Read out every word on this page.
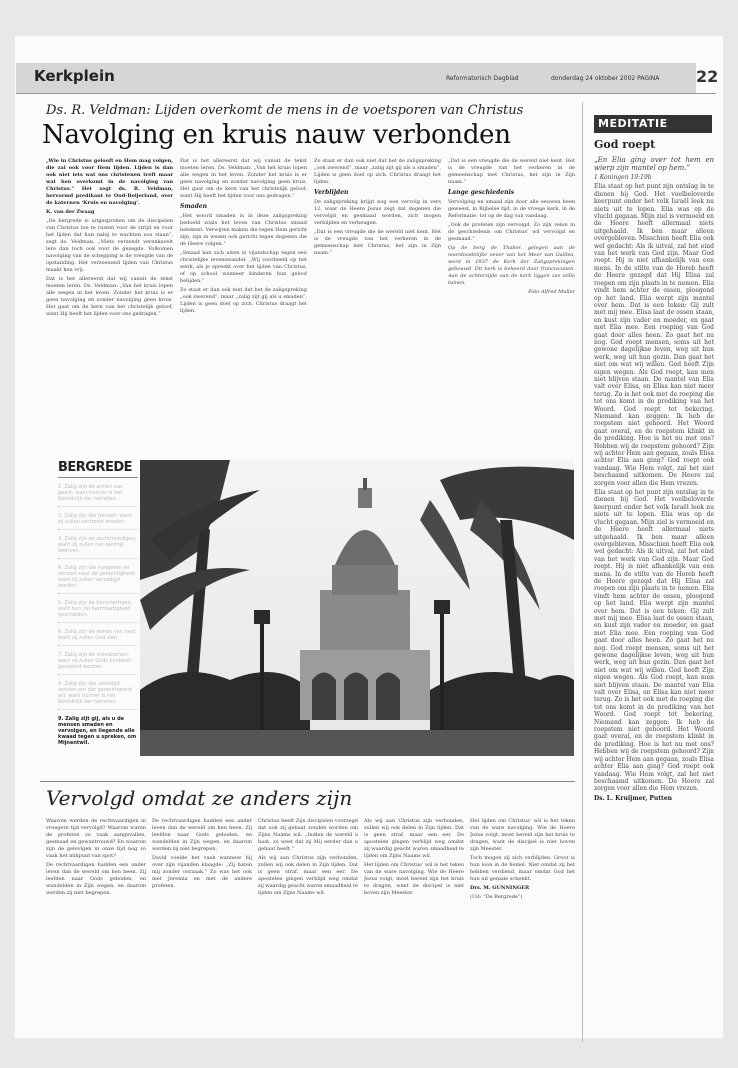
Kerkplein	Reformatorisch Dagblad	donderdag 24 oktober 2002 PAGINA 22
Ds. R. Veldman: Lijden overkomt de mens in de voetsporen van Christus
Navolging en kruis nauw verbonden

„Wie in Christus gelooft en Hem mag volgen, die zal ook voor Hem lijden. Lijden is dan ook niet iets wat ons christenen treft maar wat hen overkomt in de navolging van Christus.” Het zegt ds. R. Veldman, hervormd predikant te Oud-Beijerland, over de katernen ‘Kruis en navolging’.

K. van der Zwaag

„De bergrede is uitgesproken om de discipelen van Christus toe te rusten voor de strijd en voor het lijden dat hun nabij te wachten zou staan”, zegt ds. Veldman. „Niets verzendt verenkavelt lere dan toch ook voor de gezegde. Volkomen navolging van de schepping is de vreugde van de opstanding. Het verzoenend lijden van Christus maakt hen vrij.

Dat is het allereerst dat wij vanuit de tekst moeten leren. Ds. Veldman: „Van het kruis lopen alle wegen in het leven. Zonder het kruis is er geen navolging en zonder navolging geen kruis. Het gaat om de kern van het christelijk geloof, want Hij heeft het lijden voor ons gedragen.”

Dat is het allereerst dat wij vanuit de tekst moeten leren. Ds. Veldman: „Van het kruis lopen alle wegen in het leven. Zonder het kruis is er geen navolging en zonder navolging geen kruis. Het gaat om de kern van het christelijk geloof, want Hij heeft het lijden voor ons gedragen.”

Smaden

„Het woord smaden is in deze zaligspreking bedoeld zoals het leven van Christus smaad betekent. Verwijten maken die tegen Hem gericht zijn, zijn in wezen ook gericht tegen degenen die de Heere volgen.”

„Smaad kan zich uiten in vijandschap tegen een christelijke levenswandel. „Wij voorbeeld op het werk, als je spreekt over het lijden van Christus, of op school wanneer kinderen hun geloof belijden.”

Zo staat er dan ook niet dat het de zaligspreking „ook zwerend”, maar „zalig zijt gij als u smaden”. Lijden is geen doel op zich. Christus draagt het lijden.

Zo staat er dan ook niet dat het de zaligspreking „ook zwerend”, maar „zalig zijt gij als u smaden”. Lijden is geen doel op zich. Christus draagt het lijden.

Verblijden

De zaligspreking krijgt nog een vervolg in vers 12, waar de Heere Jezus zegt dat degenen die vervolgd en gesmaad worden, zich mogen verblijden en verheugen.

„Dat is een vreugde die de wereld niet kent. Het is de vreugde van het verkeren in de gemeenschap met Christus, het zijn in Zijn naam.”

„Dat is een vreugde die de wereld niet kent. Het is de vreugde van het verkeren in de gemeenschap met Christus, het zijn in Zijn naam.”

Lange geschiedenis

Vervolging en smaad zijn door alle eeuwen heen geweest, in Bijbelse tijd, in de vroege kerk, in de Reformatie, tot op de dag van vandaag.

„Ook de profeten zijn vervolgd. Zo zijn velen in de geschiedenis om Christus’ wil vervolgd en gesmaad.”

Op de berg de Thabor, gelegen aan de noordoostelijke oever van het Meer van Galilea, werd in 1937 de Kerk der Zaligsprekingen gebouwd. Dit kerk is beheerd door franciscanen. Aan de achterzijde van de kerk liggen zes stille tuinen.

Foto Alfred Muller

BERGREDE
1. Zalig zijn de armen van geest; want hunner is het Koninkrijk der hemelen.
2. Zalig zijn die treuren; want zij zullen vertroost worden.
3. Zalig zijn de zachtmoedigen; want zij zullen het aardrijk beërven.
4. Zalig zijn die hongeren en dorsten naar de gerechtigheid; want zij zullen verzadigd worden.
5. Zalig zijn de barmhartigen; want hun zal barmhartigheid geschieden.
6. Zalig zijn de reinen van hart; want zij zullen God zien.
7. Zalig zijn de vreedzamen; want zij zullen Gods kinderen genaamd worden.
8. Zalig zijn die vervolgd worden om der gerechtigheid wil; want hunner is het Koninkrijk der hemelen.
9. Zalig zijt gij, als u de mensen smaden en vervolgen, en liegende alle kwaad tegen u spreken, om Mijnentwil.
Vervolgd omdat ze anders zijn

Waarom werden de rechtvaardigen in vroegere tijd vervolgd? Waarom waren de profeten zo vaak aangevallen, gesmaad en gewantrouwd? En waarom zijn de gelovigen in onze tijd nog zo vaak het mikpunt van spot?

De rechtvaardigen hadden een ander leven dan de wereld om hen heen. Zij leefden naar Gods geboden, en wandelden in Zijn wegen, en daarom werden zij niet begrepen.

De rechtvaardigen hadden een ander leven dan de wereld om hen heen. Zij leefden naar Gods geboden, en wandelden in Zijn wegen, en daarom werden zij niet begrepen.

David voelde het vaak wanneer hij over zijn vijanden klaagde: „Zij haten mij zonder oorzaak.” Zo was het ook met Jeremia en met de andere profeten.

Christus heeft Zijn discipelen voorzegd dat ook zij gehaat zouden worden om Zijns Naams wil. „Indien de wereld u haat, zo weet dat zij Mij eerder dan u gehaat heeft.”

Als wij aan Christus zijn verbonden, zullen wij ook delen in Zijn lijden. Dat is geen straf, maar een eer. De apostelen gingen verblijd weg omdat zij waardig geacht waren smaadheid te lijden om Zijns Naams wil.

Als wij aan Christus zijn verbonden, zullen wij ook delen in Zijn lijden. Dat is geen straf, maar een eer. De apostelen gingen verblijd weg omdat zij waardig geacht waren smaadheid te lijden om Zijns Naams wil.

Het lijden om Christus’ wil is het teken van de ware navolging. Wie de Heere Jezus volgt, moet bereid zijn het kruis te dragen, want de discipel is niet boven zijn Meester.

Het lijden om Christus’ wil is het teken van de ware navolging. Wie de Heere Jezus volgt, moet bereid zijn het kruis te dragen, want de discipel is niet boven zijn Meester.

Toch mogen zij zich verblijden. Groot is hun loon in de hemel. Niet omdat zij het hebben verdiend, maar omdat God het hun uit genade schenkt.

Drs. M. GUNNINGER

(Uit: “De Bergrede”)

MEDITATIE
God roept

„En Elia ging over tot hem en wierp zijn mantel op hem.”

1 Koningen 19:19b

Elia staat op het punt zijn ontslag in te dienen bij God. Het voelbeloverde keerpunt onder het volk Israël leek nu niets uit te lopen. Elia was op de vlucht gegaan. Mijn ziel is vermoeid en de Heere heeft allermaal niets uitgehaald. Ik ben maar alleen overgebleven. Misschien heeft Elia ook wel gedacht: Als ik uitval, zal het eind van het werk van God zijn. Maar God roept. Hij is niet afhankelijk van een mens. In de stilte van de Horeb heeft de Heere gezegd dat Hij Elisa zal roepen om zijn plaats in te nemen. Elia vindt hem achter de ossen, ploegend op het land. Elia werpt zijn mantel over hem. Dat is een teken: Gij zult met mij mee. Elisa laat de ossen staan, en kust zijn vader en moeder, en gaat met Elia mee. Een roeping van God gaat door alles heen. Zo gaat het nu nog. God roept mensen, soms uit het gewone dagelijkse leven, weg uit hun werk, weg uit hun gezin. Dan gaat het niet om wat wij willen. God heeft Zijn eigen wegen. Als God roept, kan men niet blijven staan. De mantel van Elia valt over Elisa, en Elisa kan niet meer terug. Zo is het ook met de roeping die tot ons komt in de prediking van het Woord. God roept tot bekering. Niemand kan zeggen: Ik heb de roepstem niet gehoord. Het Woord gaat overal, en de roepstem klinkt in de prediking. Hoe is het nu met ons? Hebben wij de roepstem gehoord? Zijn wij achter Hem aan gegaan, zoals Elisa achter Elia aan ging? God roept ook vandaag. Wie Hem volgt, zal het niet beschaamd uitkomen. De Heere zal zorgen voor allen die Hem vrezen.

Elia staat op het punt zijn ontslag in te dienen bij God. Het voelbeloverde keerpunt onder het volk Israël leek nu niets uit te lopen. Elia was op de vlucht gegaan. Mijn ziel is vermoeid en de Heere heeft allermaal niets uitgehaald. Ik ben maar alleen overgebleven. Misschien heeft Elia ook wel gedacht: Als ik uitval, zal het eind van het werk van God zijn. Maar God roept. Hij is niet afhankelijk van een mens. In de stilte van de Horeb heeft de Heere gezegd dat Hij Elisa zal roepen om zijn plaats in te nemen. Elia vindt hem achter de ossen, ploegend op het land. Elia werpt zijn mantel over hem. Dat is een teken: Gij zult met mij mee. Elisa laat de ossen staan, en kust zijn vader en moeder, en gaat met Elia mee. Een roeping van God gaat door alles heen. Zo gaat het nu nog. God roept mensen, soms uit het gewone dagelijkse leven, weg uit hun werk, weg uit hun gezin. Dan gaat het niet om wat wij willen. God heeft Zijn eigen wegen. Als God roept, kan men niet blijven staan. De mantel van Elia valt over Elisa, en Elisa kan niet meer terug. Zo is het ook met de roeping die tot ons komt in de prediking van het Woord. God roept tot bekering. Niemand kan zeggen: Ik heb de roepstem niet gehoord. Het Woord gaat overal, en de roepstem klinkt in de prediking. Hoe is het nu met ons? Hebben wij de roepstem gehoord? Zijn wij achter Hem aan gegaan, zoals Elisa achter Elia aan ging? God roept ook vandaag. Wie Hem volgt, zal het niet beschaamd uitkomen. De Heere zal zorgen voor allen die Hem vrezen.

Ds. L. Kruijmer, Putten
